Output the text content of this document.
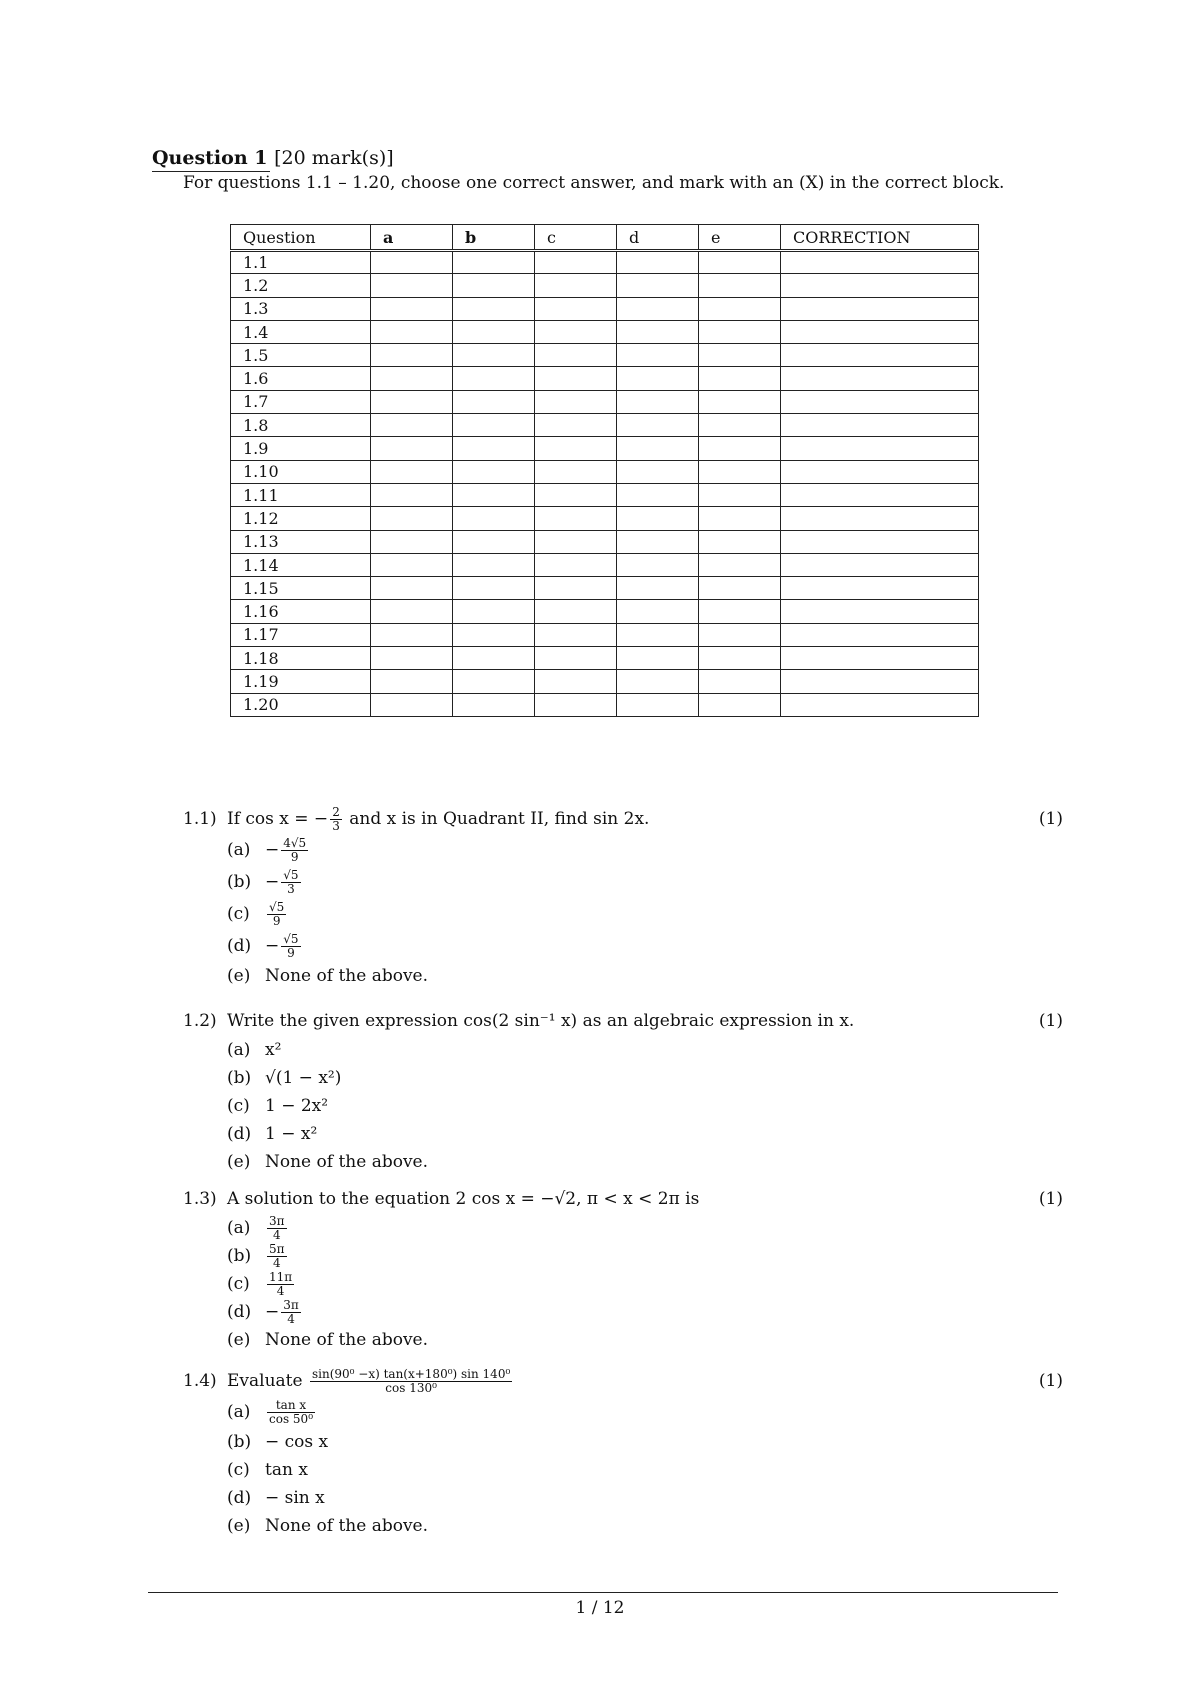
Question 1 [20 mark(s)]
For questions 1.1 – 1.20, choose one correct answer, and mark with an (X) in the correct block.
Question	a	b	c	d	e	CORRECTION
1.1						
1.2						
1.3						
1.4						
1.5						
1.6						
1.7						
1.8						
1.9						
1.10						
1.11						
1.12						
1.13						
1.14						
1.15						
1.16						
1.17						
1.18						
1.19						
1.20						
1.1) If cos x = − $\frac{2}{3}$ and x is in Quadrant II, find sin 2x.	(1)
$(a) - \frac{4√5}{9}$
$(b) - \frac{√5}{3}$
$(c) \frac{√5}{9}$
$(d) - \frac{√5}{9}$
(e) None of the above.
1.2) Write the given expression cos(2 sin⁻¹ x) as an algebraic expression in x.	(1)
(a) x²
(b) √(1 − x²)
(c) 1 − 2x²
(d) 1 − x²
(e) None of the above.
1.3) A solution to the equation 2 cos x = −√2, π < x < 2π is	(1)
$(a) \frac{3\pi}{4}$
$(b) \frac{5\pi}{4}$
$(c) \frac{11\pi}{4}$
$(d) - \frac{3\pi}{4}$
(e) None of the above.
1.4) Evaluate $\frac{\text{sin(90⁰ −x) tan(x+180⁰) sin 140⁰}}{\text{cos 130⁰}}$	(1)
$(a) \frac{\text{tan x}}{\text{cos 50⁰}}$
(b) − cos x
(c) tan x
(d) − sin x
(e) None of the above.
1 / 12
